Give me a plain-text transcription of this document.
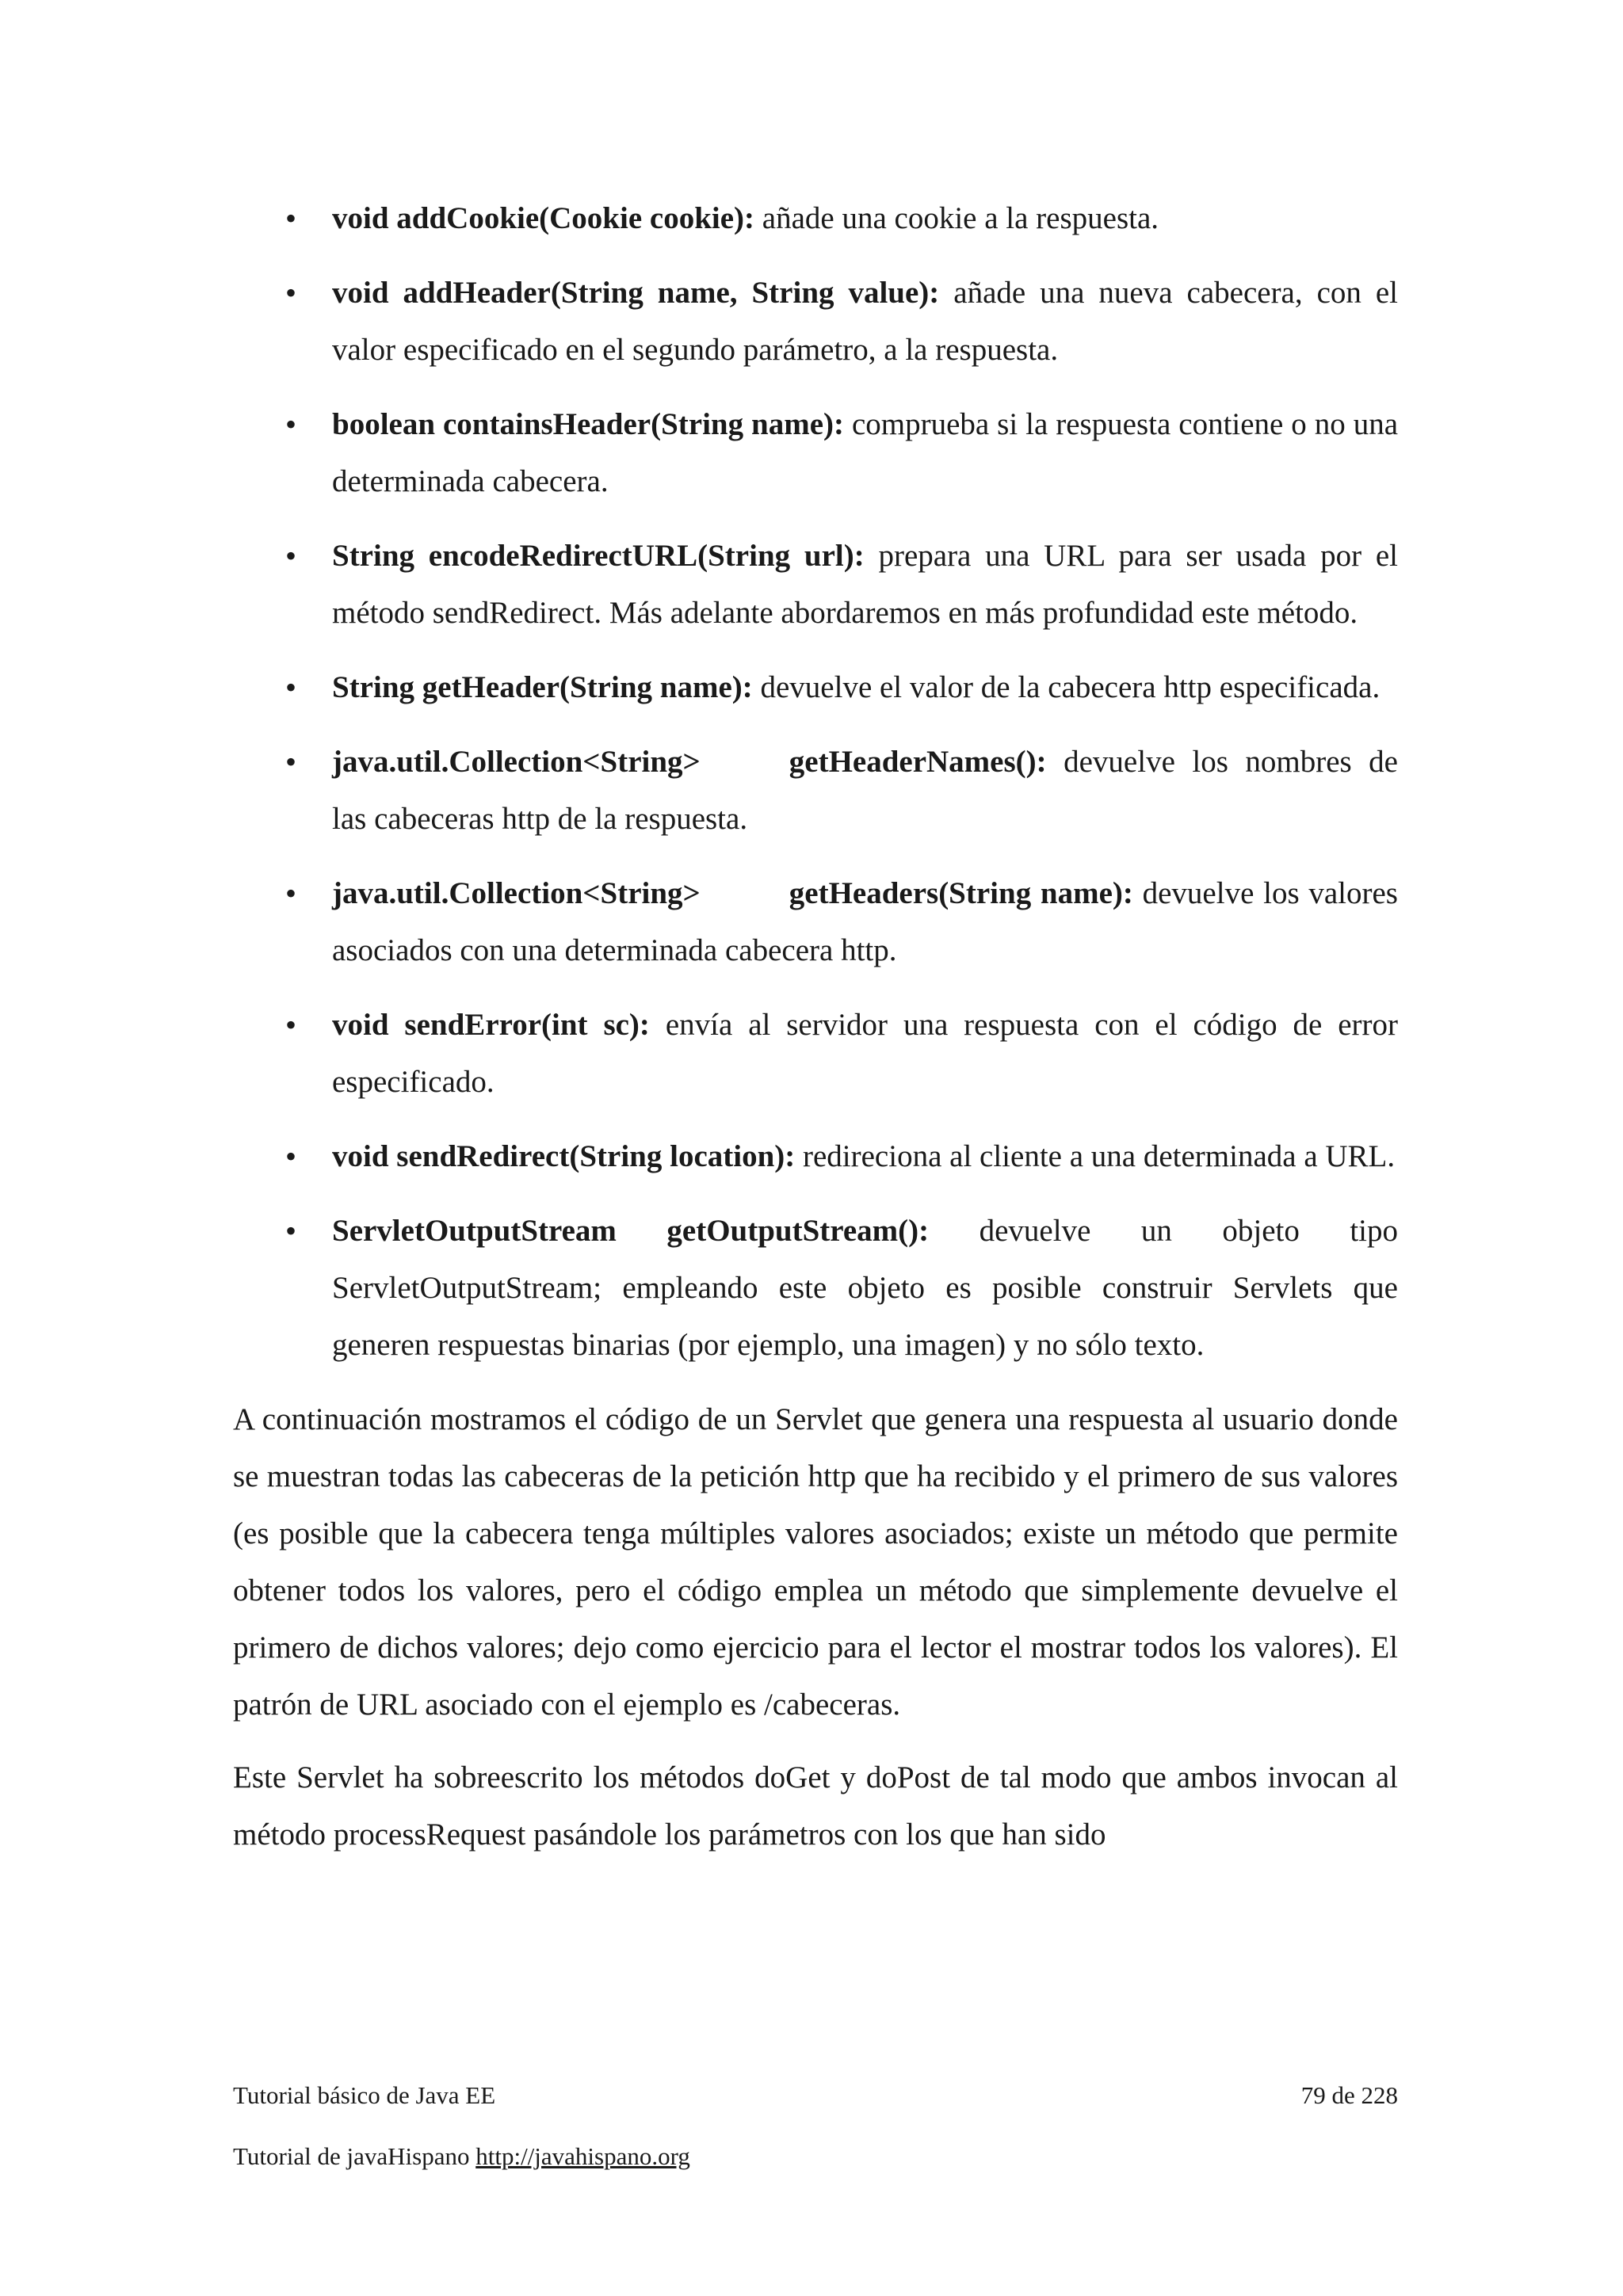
• void addCookie(Cookie cookie): añade una cookie a la respuesta.
• void addHeader(String name, String value): añade una nueva cabecera, con el valor especificado en el segundo parámetro, a la respuesta.
• boolean containsHeader(String name): comprueba si la respuesta contiene o no una determinada cabecera.
• String encodeRedirectURL(String url): prepara una URL para ser usada por el método sendRedirect. Más adelante abordaremos en más profundidad este método.
• String getHeader(String name): devuelve el valor de la cabecera http especificada.
• java.util.Collection<String>	getHeaderNames(): devuelve los nombres de las cabeceras http de la respuesta.
• java.util.Collection<String>	getHeaders(String name): devuelve los valores asociados con una determinada cabecera http.
• void sendError(int sc): envía al servidor una respuesta con el código de error especificado.
• void sendRedirect(String location): redireciona al cliente a una determinada a URL.
• ServletOutputStream getOutputStream(): devuelve un objeto tipo ServletOutputStream; empleando este objeto es posible construir Servlets que generen respuestas binarias (por ejemplo, una imagen) y no sólo texto.

A continuación mostramos el código de un Servlet que genera una respuesta al usuario donde se muestran todas las cabeceras de la petición http que ha recibido y el primero de sus valores (es posible que la cabecera tenga múltiples valores asociados; existe un método que permite obtener todos los valores, pero el código emplea un método que simplemente devuelve el primero de dichos valores; dejo como ejercicio para el lector el mostrar todos los valores). El patrón de URL asociado con el ejemplo es /cabeceras.

Este Servlet ha sobreescrito los métodos doGet y doPost de tal modo que ambos invocan al método processRequest pasándole los parámetros con los que han sido

Tutorial básico de Java EE	79 de 228
Tutorial de javaHispano http://javahispano.org
